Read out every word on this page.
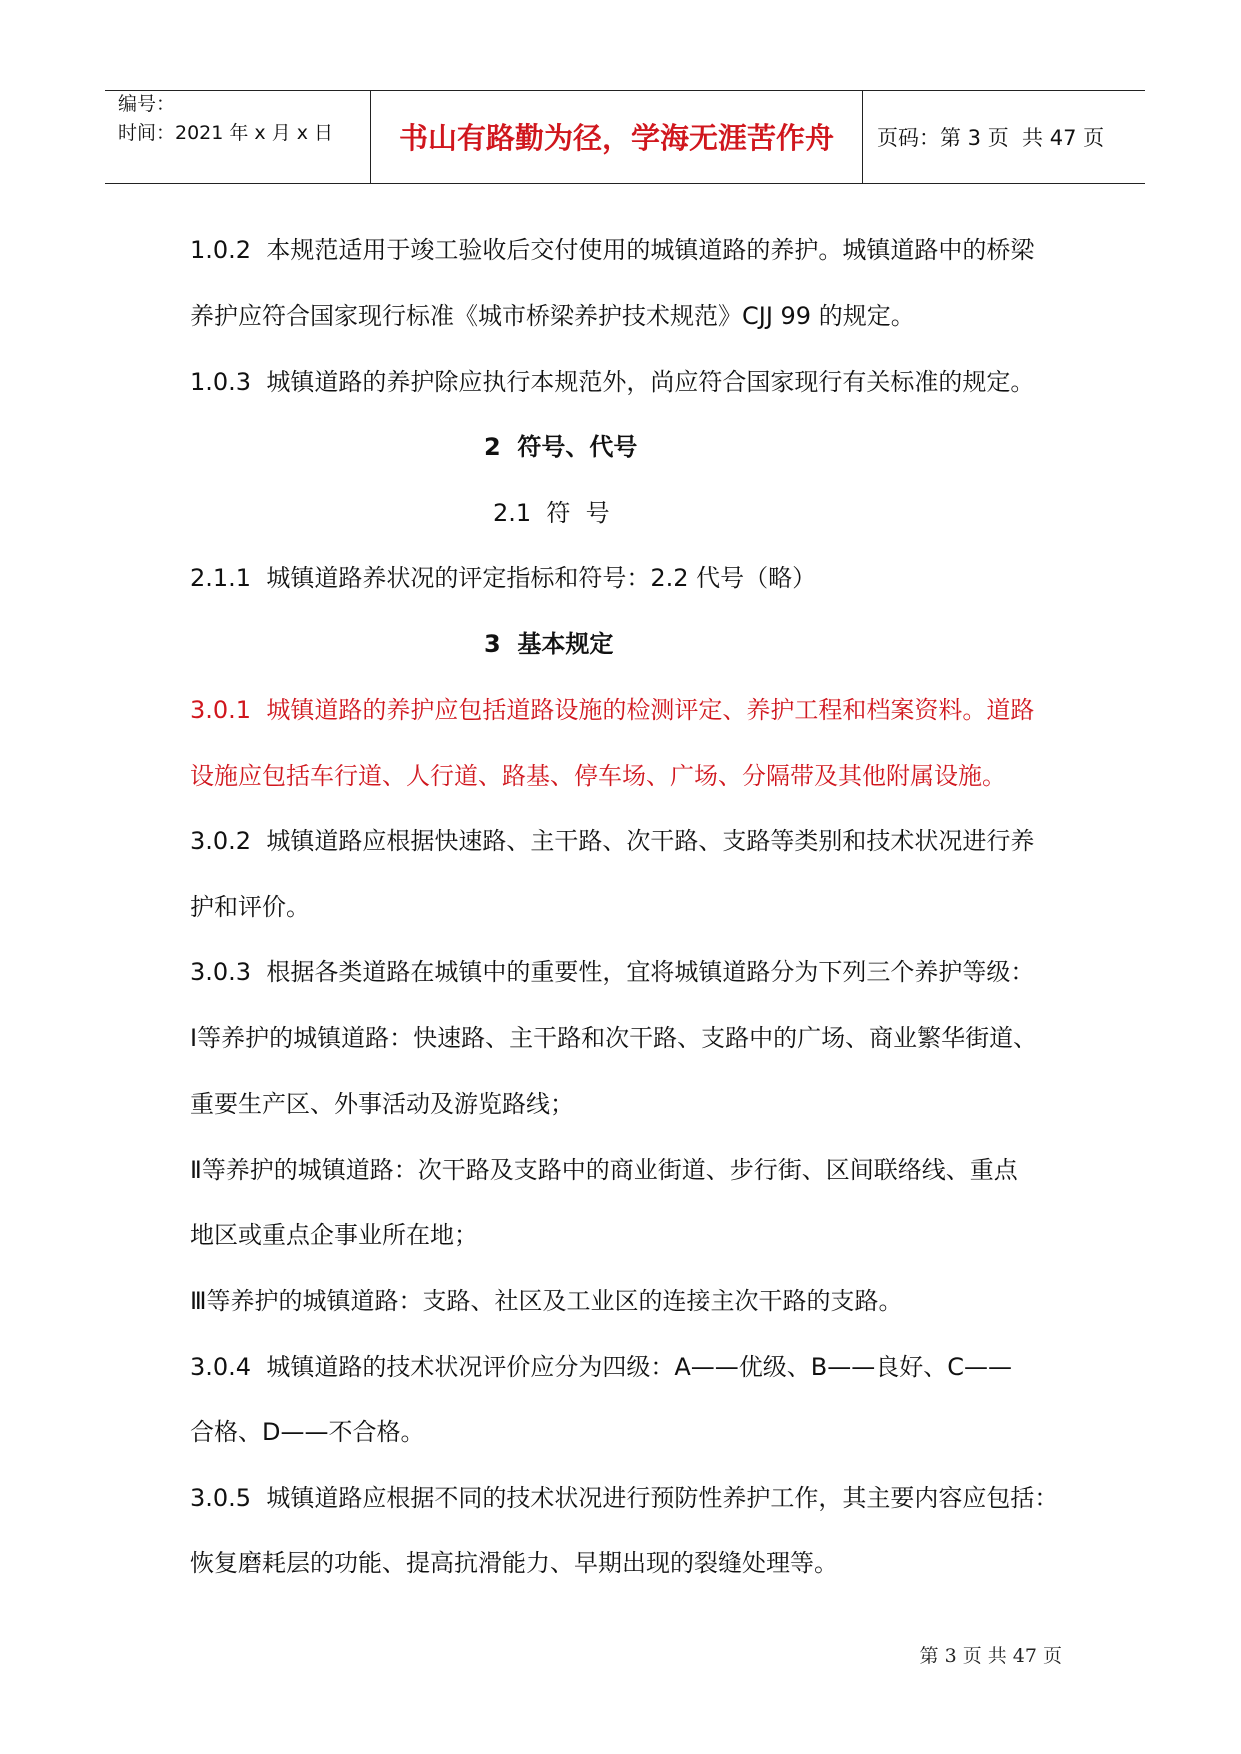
编号：
时间：2021 年 x 月 x 日	书山有路勤为径，学海无涯苦作舟	页码：第 3 页  共 47 页
1.0.2  本规范适用于竣工验收后交付使用的城镇道路的养护。城镇道路中的桥梁
养护应符合国家现行标准《城市桥梁养护技术规范》CJJ 99 的规定。
1.0.3  城镇道路的养护除应执行本规范外，尚应符合国家现行有关标准的规定。
2  符号、代号
2.1  符  号
2.1.1  城镇道路养状况的评定指标和符号：2.2 代号（略）
3  基本规定
3.0.1  城镇道路的养护应包括道路设施的检测评定、养护工程和档案资料。道路
设施应包括车行道、人行道、路基、停车场、广场、分隔带及其他附属设施。
3.0.2  城镇道路应根据快速路、主干路、次干路、支路等类别和技术状况进行养
护和评价。
3.0.3  根据各类道路在城镇中的重要性，宜将城镇道路分为下列三个养护等级：
Ⅰ等养护的城镇道路：快速路、主干路和次干路、支路中的广场、商业繁华街道、
重要生产区、外事活动及游览路线；
Ⅱ等养护的城镇道路：次干路及支路中的商业街道、步行街、区间联络线、重点
地区或重点企事业所在地；
Ⅲ等养护的城镇道路：支路、社区及工业区的连接主次干路的支路。
3.0.4  城镇道路的技术状况评价应分为四级：A——优级、B——良好、C——
合格、D——不合格。
3.0.5  城镇道路应根据不同的技术状况进行预防性养护工作，其主要内容应包括：
恢复磨耗层的功能、提高抗滑能力、早期出现的裂缝处理等。
第 3 页 共 47 页
